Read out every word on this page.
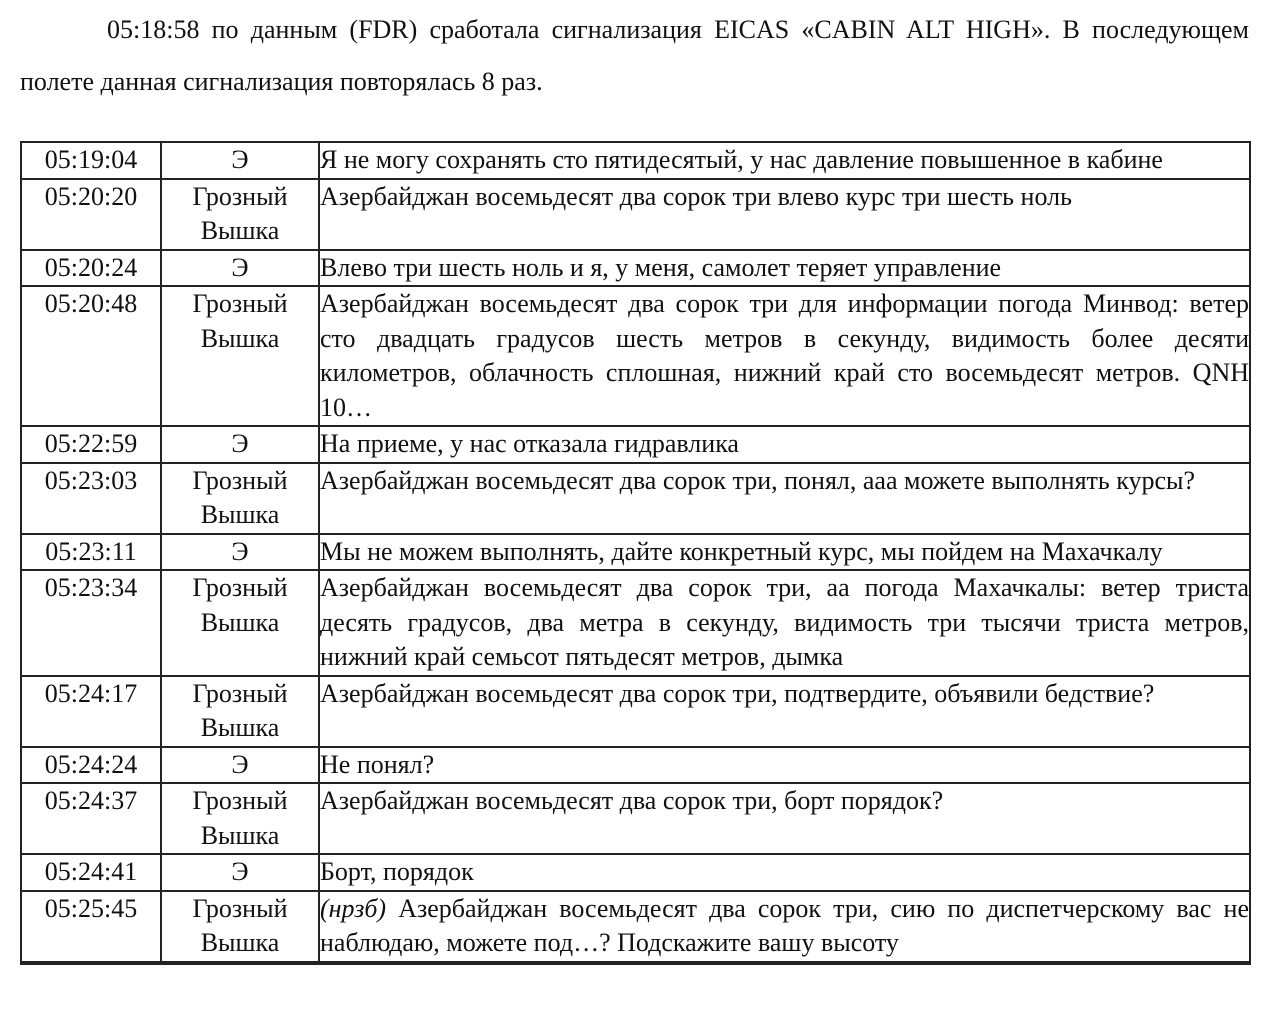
05:18:58 по данным (FDR) сработала сигнализация EICAS «CABIN ALT HIGH». В последующем полете данная сигнализация повторялась 8 раз.

05:19:04	Э	Я не могу сохранять сто пятидесятый, у нас давление повышенное в кабине
05:20:20	Грозный Вышка	Азербайджан восемьдесят два сорок три влево курс три шесть ноль
05:20:24	Э	Влево три шесть ноль и я, у меня, самолет теряет управление
05:20:48	Грозный Вышка	Азербайджан восемьдесят два сорок три для информации погода Минвод: ветер сто двадцать градусов шесть метров в секунду, видимость более десяти километров, облачность сплошная, нижний край сто восемьдесят метров. QNH 10…
05:22:59	Э	На приеме, у нас отказала гидравлика
05:23:03	Грозный Вышка	Азербайджан восемьдесят два сорок три, понял, ааа можете выполнять курсы?
05:23:11	Э	Мы не можем выполнять, дайте конкретный курс, мы пойдем на Махачкалу
05:23:34	Грозный Вышка	Азербайджан восемьдесят два сорок три, аа погода Махачкалы: ветер триста десять градусов, два метра в секунду, видимость три тысячи триста метров, нижний край семьсот пятьдесят метров, дымка
05:24:17	Грозный Вышка	Азербайджан восемьдесят два сорок три, подтвердите, объявили бедствие?
05:24:24	Э	Не понял?
05:24:37	Грозный Вышка	Азербайджан восемьдесят два сорок три, борт порядок?
05:24:41	Э	Борт, порядок
05:25:45	Грозный Вышка	(нрзб) Азербайджан восемьдесят два сорок три, сию по диспетчерскому вас не наблюдаю, можете под…? Подскажите вашу высоту
